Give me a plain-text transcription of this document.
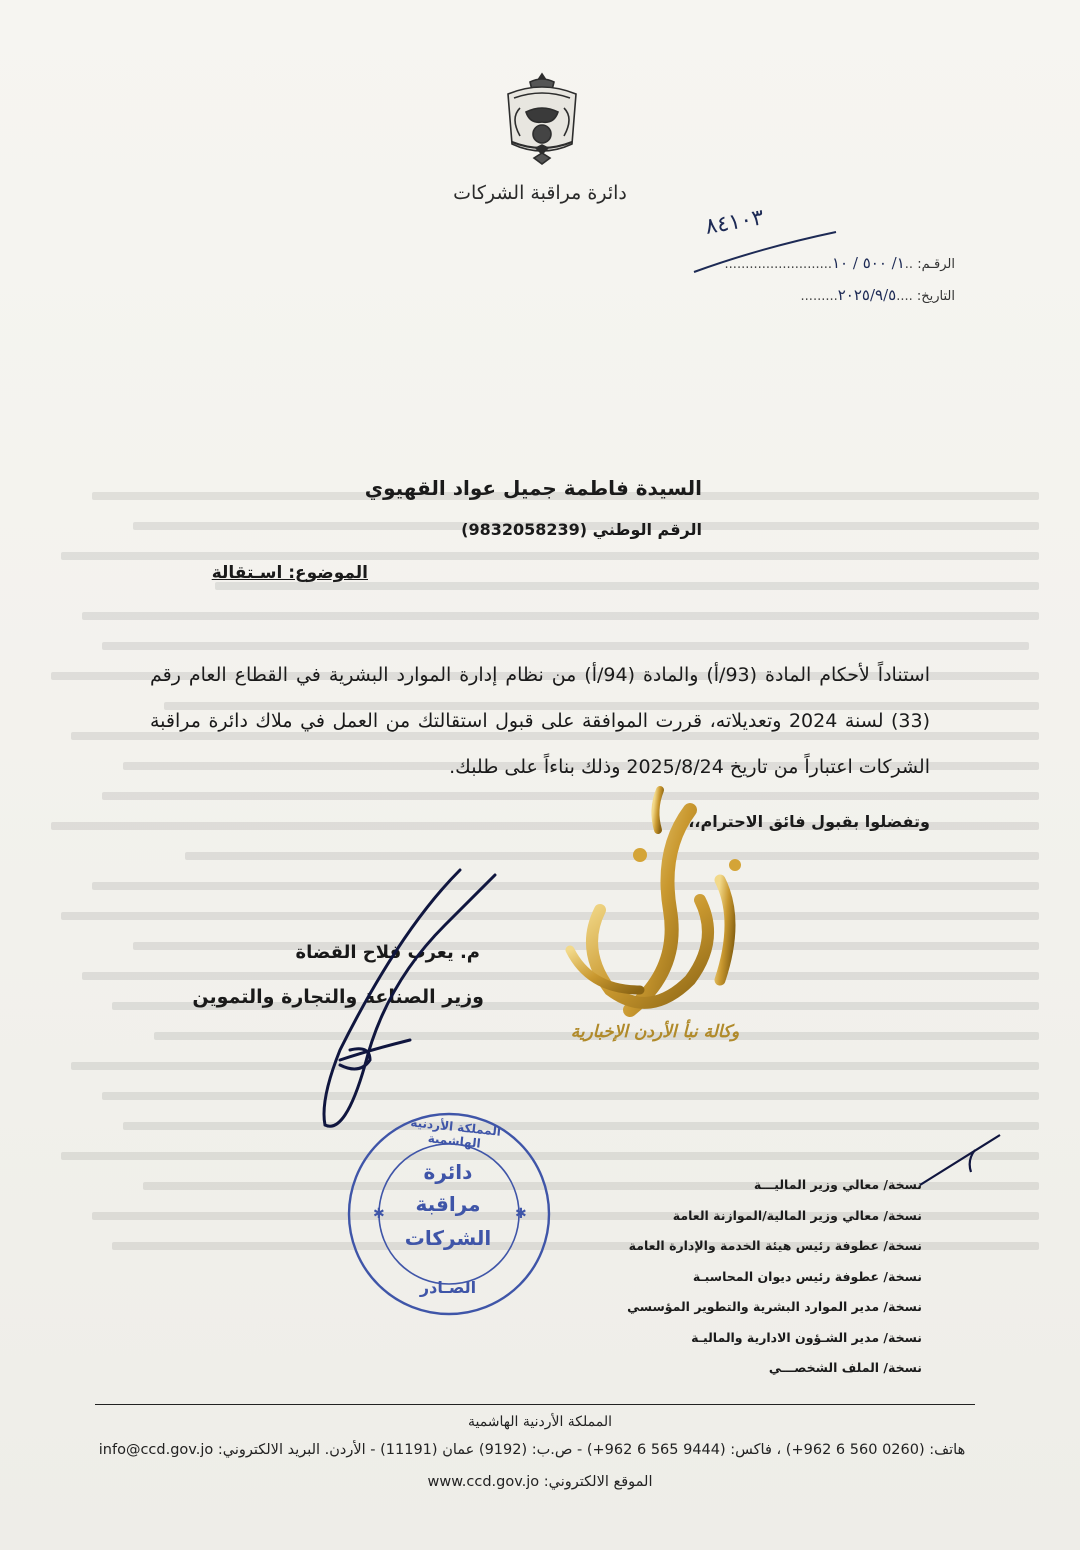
دائرة مراقبة الشركات
٨٤١٠٣
الرقـم: ..١/ ٥٠٠ / ١٠..........................
التاريخ: ....٢٠٢٥/٩/٥.........
السيدة فاطمة جميل عواد القهيوي
الرقم الوطني (9832058239)
الموضوع: اسـتقالة
استناداً لأحكام المادة (93/أ) والمادة (94/أ) من نظام إدارة الموارد البشرية في القطاع العام رقم (33) لسنة 2024 وتعديلاته، قررت الموافقة على قبول استقالتك من العمل في ملاك دائرة مراقبة الشركات اعتباراً من تاريخ 2025/8/24 وذلك بناءاً على طلبك.
وتفضلوا بقبول فائق الاحترام،،،
وكالة نبأ الأردن الإخبارية
م. يعرب فلاح القضاة
وزير الصناعة والتجارة والتموين
✱	✱
المملكة الأردنية الهاشمية
دائرة
مراقبة
الشركات
الصـادر
نسخة/ معالي وزير الماليـــة
نسخة/ معالي وزير المالية/الموازنة العامة
نسخة/ عطوفة رئيس هيئة الخدمة والإدارة العامة
نسخة/ عطوفة رئيس ديوان المحاسبـة
نسخة/ مدير الموارد البشرية والتطوير المؤسسي
نسخة/ مدير الشـؤون الادارية والماليـة
نسخة/ الملف الشخصـــي
المملكة الأردنية الهاشمية
هاتف: (0260 560 6 962+) ، فاكس: (9444 565 6 962+) - ص.ب: (9192) عمان (11191) - الأردن. البريد الالكتروني: info@ccd.gov.jo
الموقع الالكتروني: www.ccd.gov.jo
